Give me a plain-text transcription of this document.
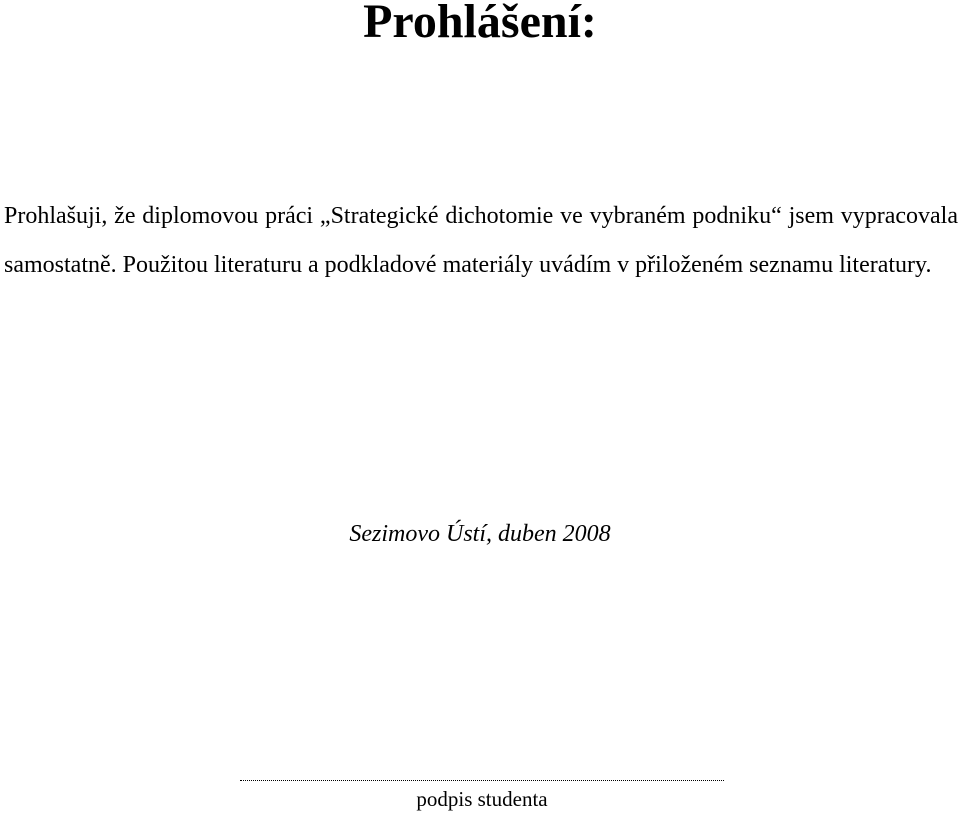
Prohlášení:

Prohlašuji, že diplomovou práci „Strategické dichotomie ve vybraném podniku“ jsem vypracovala samostatně. Použitou literaturu a podkladové materiály uvádím v přiloženém seznamu literatury.

Sezimovo Ústí, duben 2008
podpis studenta
